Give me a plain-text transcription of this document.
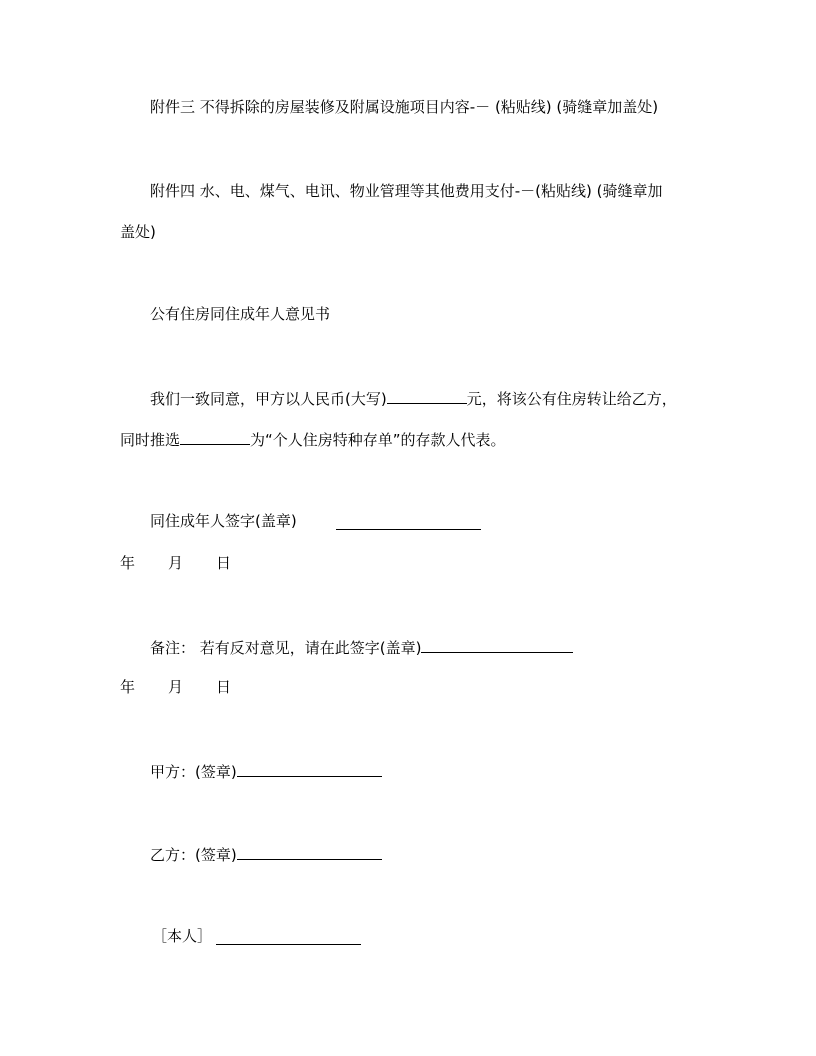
附件三 不得拆除的房屋装修及附属设施项目内容-－ (粘贴线) (骑缝章加盖处)
附件四 水、电、煤气、电讯、物业管理等其他费用支付-－(粘贴线) (骑缝章加
盖处)
公有住房同住成年人意见书
我们一致同意，甲方以人民币(大写)	元，将该公有住房转让给乙方，
同时推选	为“个人住房特种存单”的存款人代表。
同住成年人签字(盖章)
年 月 日
备注： 若有反对意见，请在此签字(盖章)
年 月 日
甲方：(签章)
乙方：(签章)
［本人］
